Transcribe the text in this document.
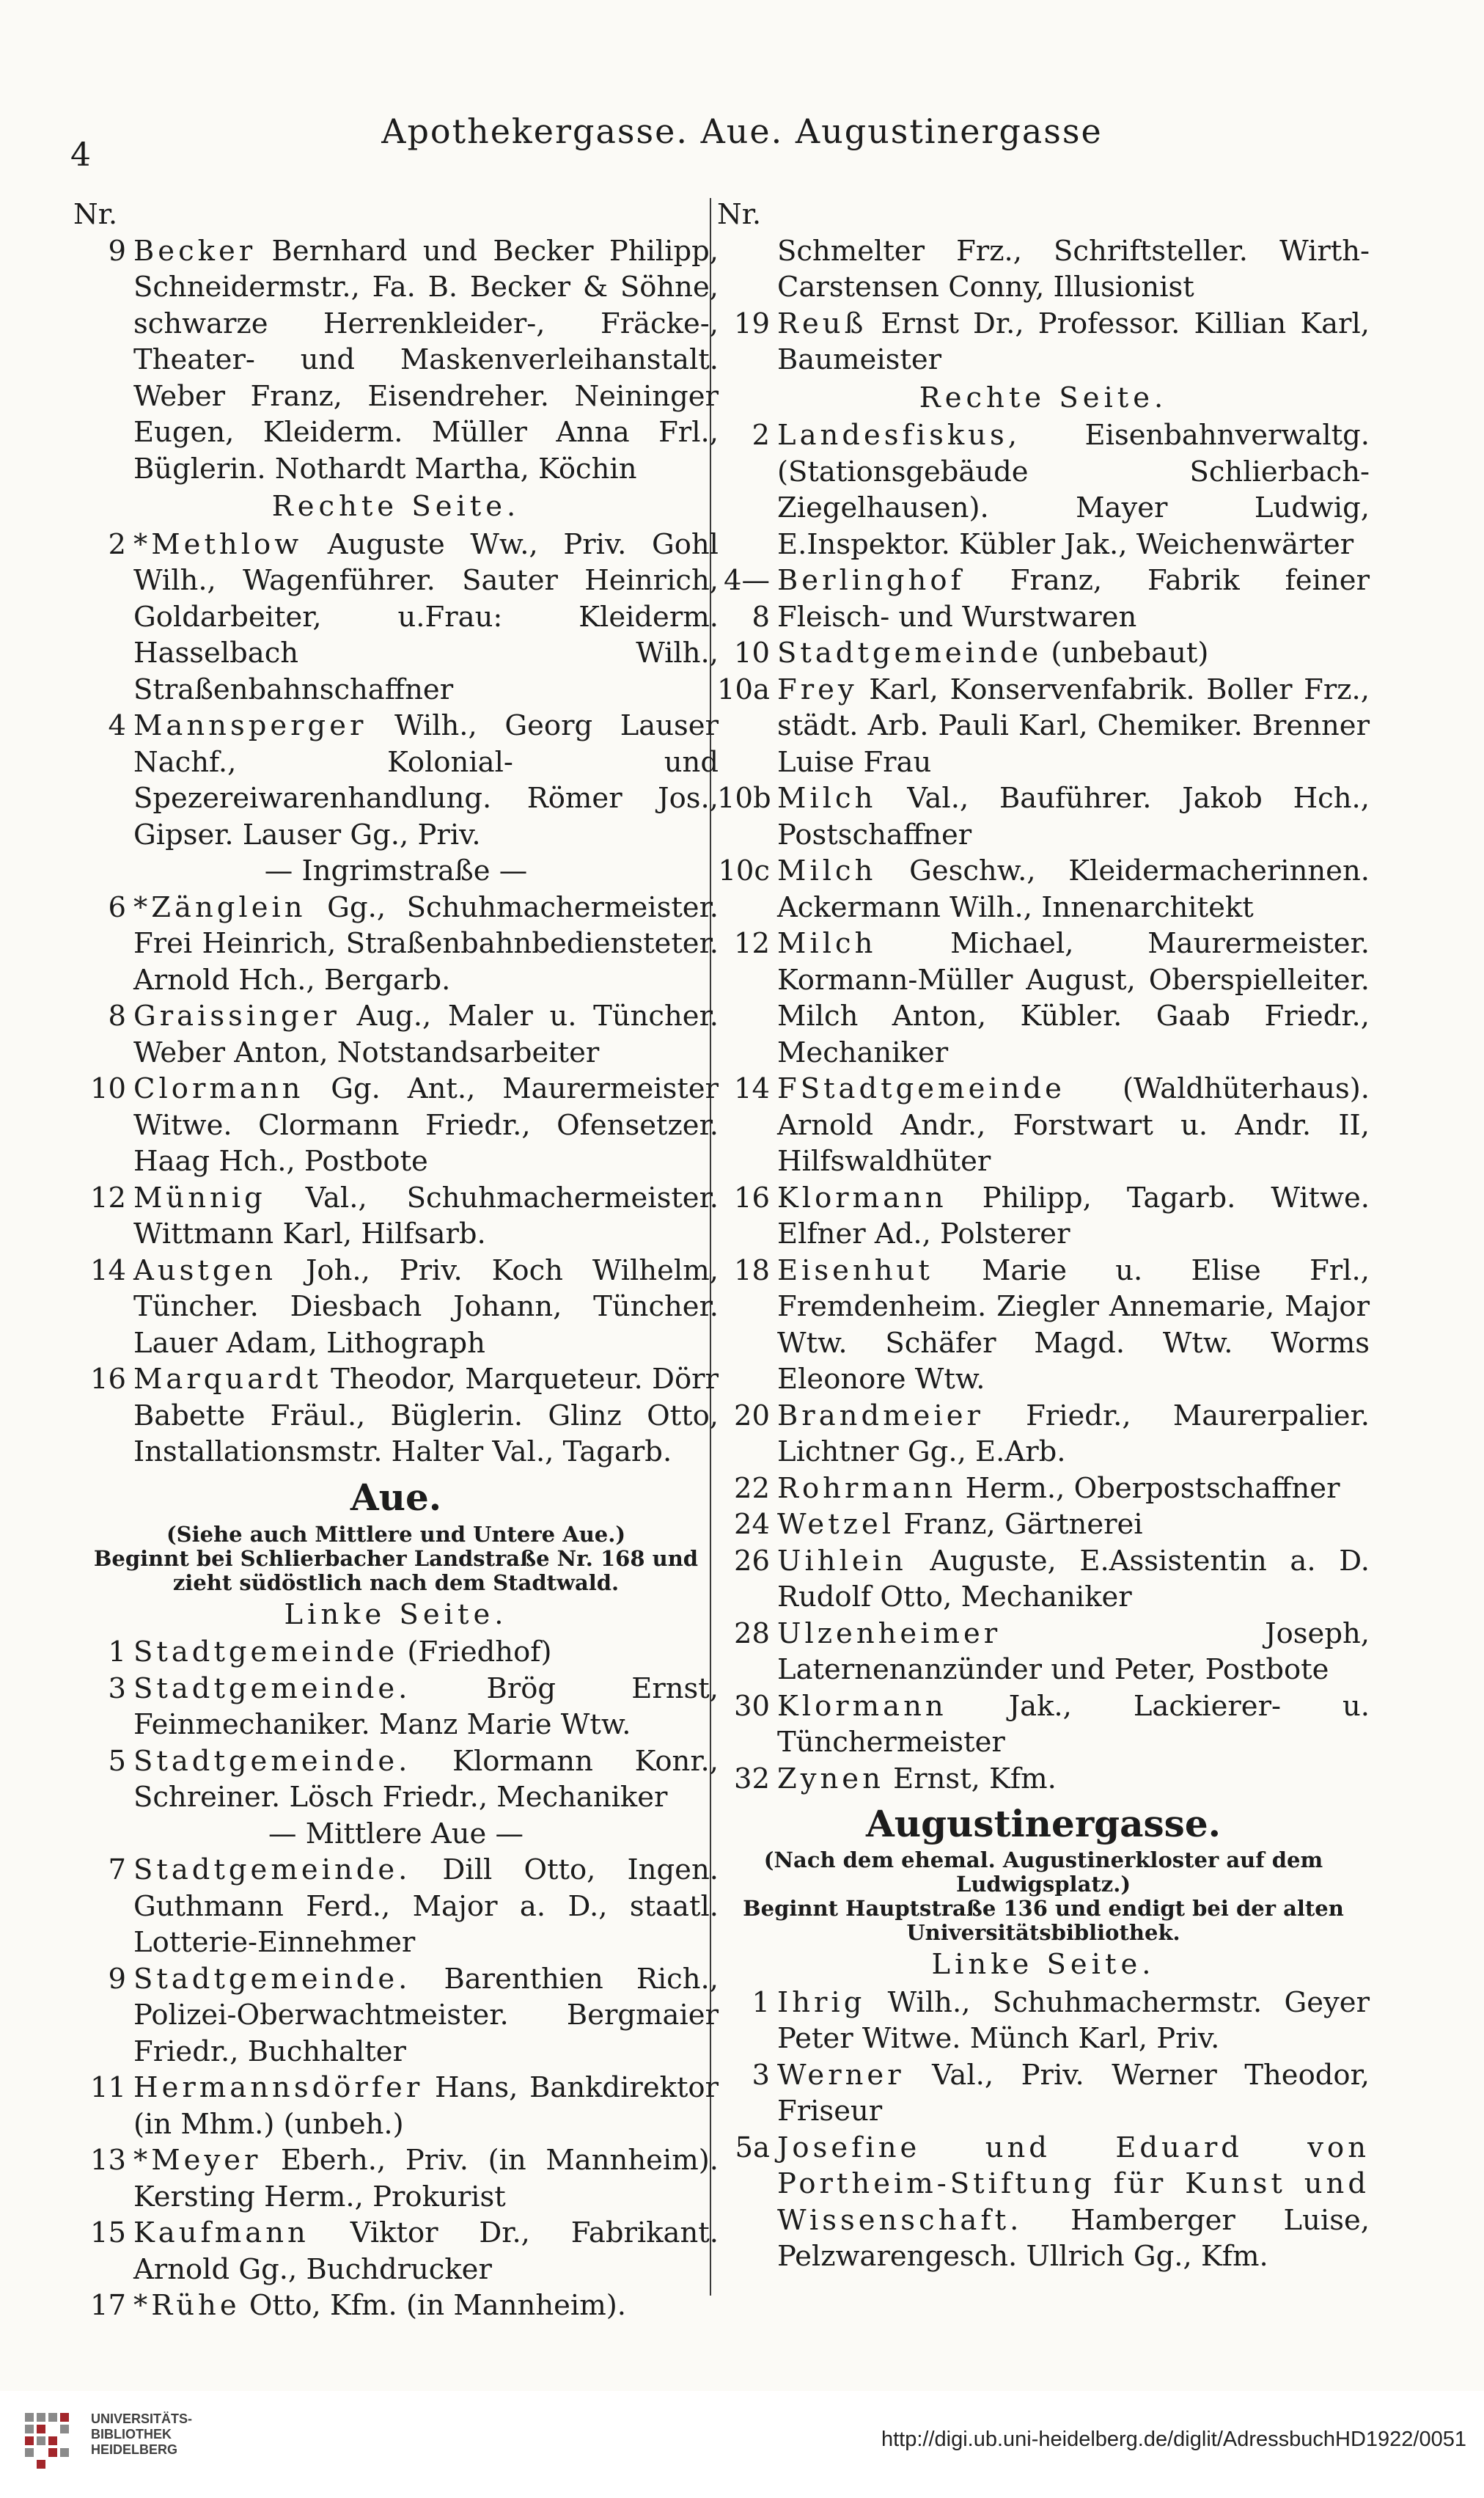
4
Apothekergasse. Aue. Augustinergasse
Nr.
9 Becker Bernhard und Becker Philipp, Schneidermstr., Fa. B. Becker & Söhne, schwarze Herrenkleider-, Fräcke-, Theater- und Maskenverleihanstalt. Weber Franz, Eisendreher. Neininger Eugen, Kleiderm. Müller Anna Frl., Büglerin. Nothardt Martha, Köchin
Rechte Seite.
2 *Methlow Auguste Ww., Priv. Gohl Wilh., Wagenführer. Sauter Heinrich, Goldarbeiter, u.Frau: Kleiderm. Hasselbach Wilh., Straßenbahnschaffner
4 Mannsperger Wilh., Georg Lauser Nachf., Kolonial- und Spezereiwarenhandlung. Römer Jos., Gipser. Lauser Gg., Priv.
— Ingrimstraße —
6 *Zänglein Gg., Schuhmachermeister. Frei Heinrich, Straßenbahnbediensteter. Arnold Hch., Bergarb.
8 Graissinger Aug., Maler u. Tüncher. Weber Anton, Notstandsarbeiter
10 Clormann Gg. Ant., Maurermeister Witwe. Clormann Friedr., Ofensetzer. Haag Hch., Postbote
12 Münnig Val., Schuhmachermeister. Wittmann Karl, Hilfsarb.
14 Austgen Joh., Priv. Koch Wilhelm, Tüncher. Diesbach Johann, Tüncher. Lauer Adam, Lithograph
16 Marquardt Theodor, Marqueteur. Dörr Babette Fräul., Büglerin. Glinz Otto, Installationsmstr. Halter Val., Tagarb.
Aue.
(Siehe auch Mittlere und Untere Aue.)
Beginnt bei Schlierbacher Landstraße Nr. 168 und zieht südöstlich nach dem Stadtwald.
Linke Seite.
1 Stadtgemeinde (Friedhof)
3 Stadtgemeinde. Brög Ernst, Feinmechaniker. Manz Marie Wtw.
5 Stadtgemeinde. Klormann Konr., Schreiner. Lösch Friedr., Mechaniker
— Mittlere Aue —
7 Stadtgemeinde. Dill Otto, Ingen. Guthmann Ferd., Major a. D., staatl. Lotterie-Einnehmer
9 Stadtgemeinde. Barenthien Rich., Polizei-Oberwachtmeister. Bergmaier Friedr., Buchhalter
11 Hermannsdörfer Hans, Bankdirektor (in Mhm.) (unbeh.)
13 *Meyer Eberh., Priv. (in Mannheim). Kersting Herm., Prokurist
15 Kaufmann Viktor Dr., Fabrikant. Arnold Gg., Buchdrucker
17 *Rühe Otto, Kfm. (in Mannheim).
Nr.
Schmelter Frz., Schriftsteller. Wirth-Carstensen Conny, Illusionist
19 Reuß Ernst Dr., Professor. Killian Karl, Baumeister
Rechte Seite.
2 Landesfiskus, Eisenbahnverwaltg. (Stationsgebäude Schlierbach-Ziegelhausen). Mayer Ludwig, E.Inspektor. Kübler Jak., Weichenwärter
4—8
Berlinghof Franz, Fabrik feiner Fleisch- und Wurstwaren
10 Stadtgemeinde (unbebaut)
10a Frey Karl, Konservenfabrik. Boller Frz., städt. Arb. Pauli Karl, Chemiker. Brenner Luise Frau
10b Milch Val., Bauführer. Jakob Hch., Postschaffner
10c Milch Geschw., Kleidermacherinnen. Ackermann Wilh., Innenarchitekt
12 Milch Michael, Maurermeister. Kormann-Müller August, Oberspielleiter. Milch Anton, Kübler. Gaab Friedr., Mechaniker
14 FStadtgemeinde (Waldhüterhaus). Arnold Andr., Forstwart u. Andr. II, Hilfswaldhüter
16 Klormann Philipp, Tagarb. Witwe. Elfner Ad., Polsterer
18 Eisenhut Marie u. Elise Frl., Fremdenheim. Ziegler Annemarie, Major Wtw. Schäfer Magd. Wtw. Worms Eleonore Wtw.
20 Brandmeier Friedr., Maurerpalier. Lichtner Gg., E.Arb.
22 Rohrmann Herm., Oberpostschaffner
24 Wetzel Franz, Gärtnerei
26 Uihlein Auguste, E.Assistentin a. D. Rudolf Otto, Mechaniker
28 Ulzenheimer Joseph, Laternenanzünder und Peter, Postbote
30 Klormann Jak., Lackierer- u. Tünchermeister
32 Zynen Ernst, Kfm.
Augustinergasse.
(Nach dem ehemal. Augustinerkloster auf dem Ludwigsplatz.)
Beginnt Hauptstraße 136 und endigt bei der alten Universitätsbibliothek.
Linke Seite.
1 Ihrig Wilh., Schuhmachermstr. Geyer Peter Witwe. Münch Karl, Priv.
3 Werner Val., Priv. Werner Theodor, Friseur
5a Josefine und Eduard von Portheim-Stiftung für Kunst und Wissenschaft. Hamberger Luise, Pelzwarengesch. Ullrich Gg., Kfm.
UNIVERSITÄTS-
BIBLIOTHEK
HEIDELBERG	http://digi.ub.uni-heidelberg.de/diglit/AdressbuchHD1922/0051
